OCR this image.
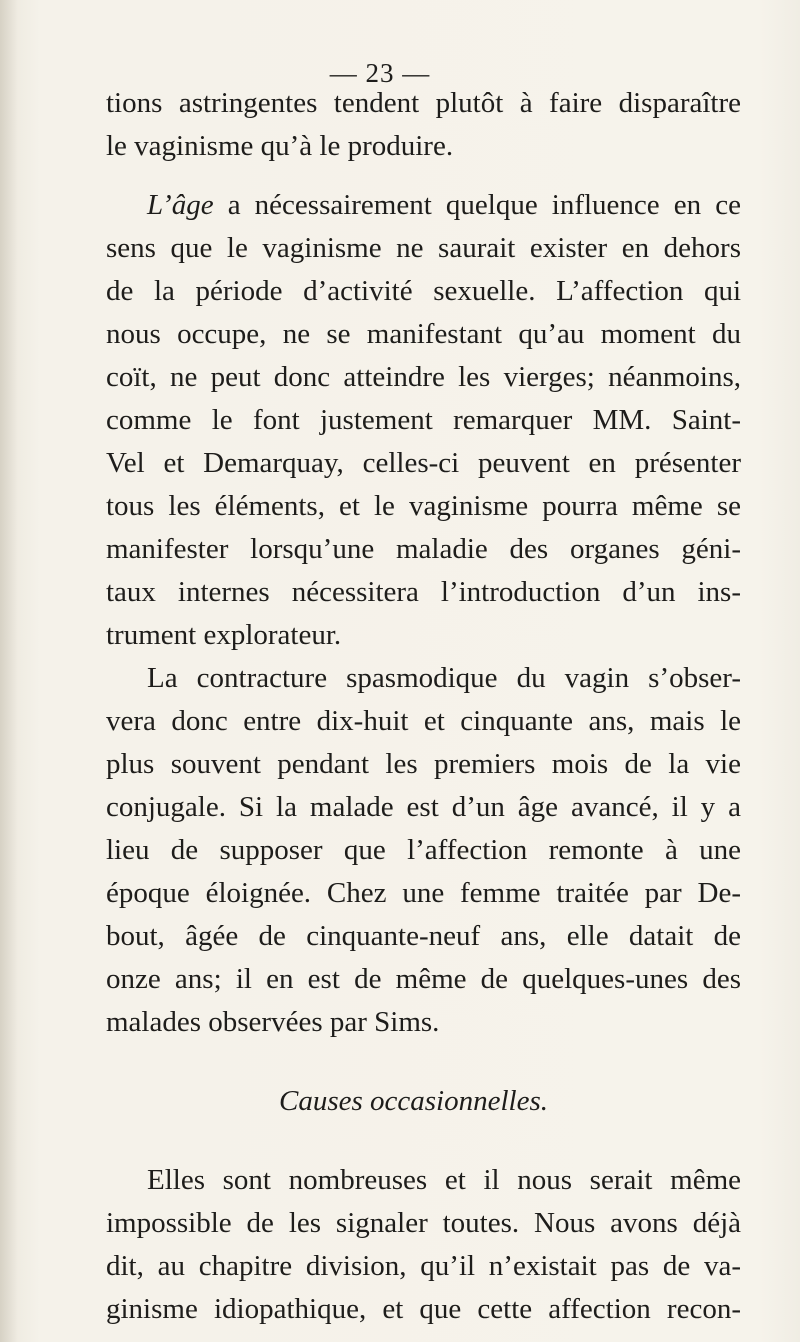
— 23 —
tions astringentes tendent plutôt à faire disparaître
le vaginisme qu’à le produire.
L’âge a nécessairement quelque influence en ce
sens que le vaginisme ne saurait exister en dehors
de la période d’activité sexuelle. L’affection qui
nous occupe, ne se manifestant qu’au moment du
coït, ne peut donc atteindre les vierges; néanmoins,
comme le font justement remarquer MM. Saint-
Vel et Demarquay, celles-ci peuvent en présenter
tous les éléments, et le vaginisme pourra même se
manifester lorsqu’une maladie des organes géni-
taux internes nécessitera l’introduction d’un ins-
trument explorateur.
La contracture spasmodique du vagin s’obser-
vera donc entre dix-huit et cinquante ans, mais le
plus souvent pendant les premiers mois de la vie
conjugale. Si la malade est d’un âge avancé, il y a
lieu de supposer que l’affection remonte à une
époque éloignée. Chez une femme traitée par De-
bout, âgée de cinquante-neuf ans, elle datait de
onze ans; il en est de même de quelques-unes des
malades observées par Sims.
Causes occasionnelles.
Elles sont nombreuses et il nous serait même
impossible de les signaler toutes. Nous avons déjà
dit, au chapitre division, qu’il n’existait pas de va-
ginisme idiopathique, et que cette affection recon-
